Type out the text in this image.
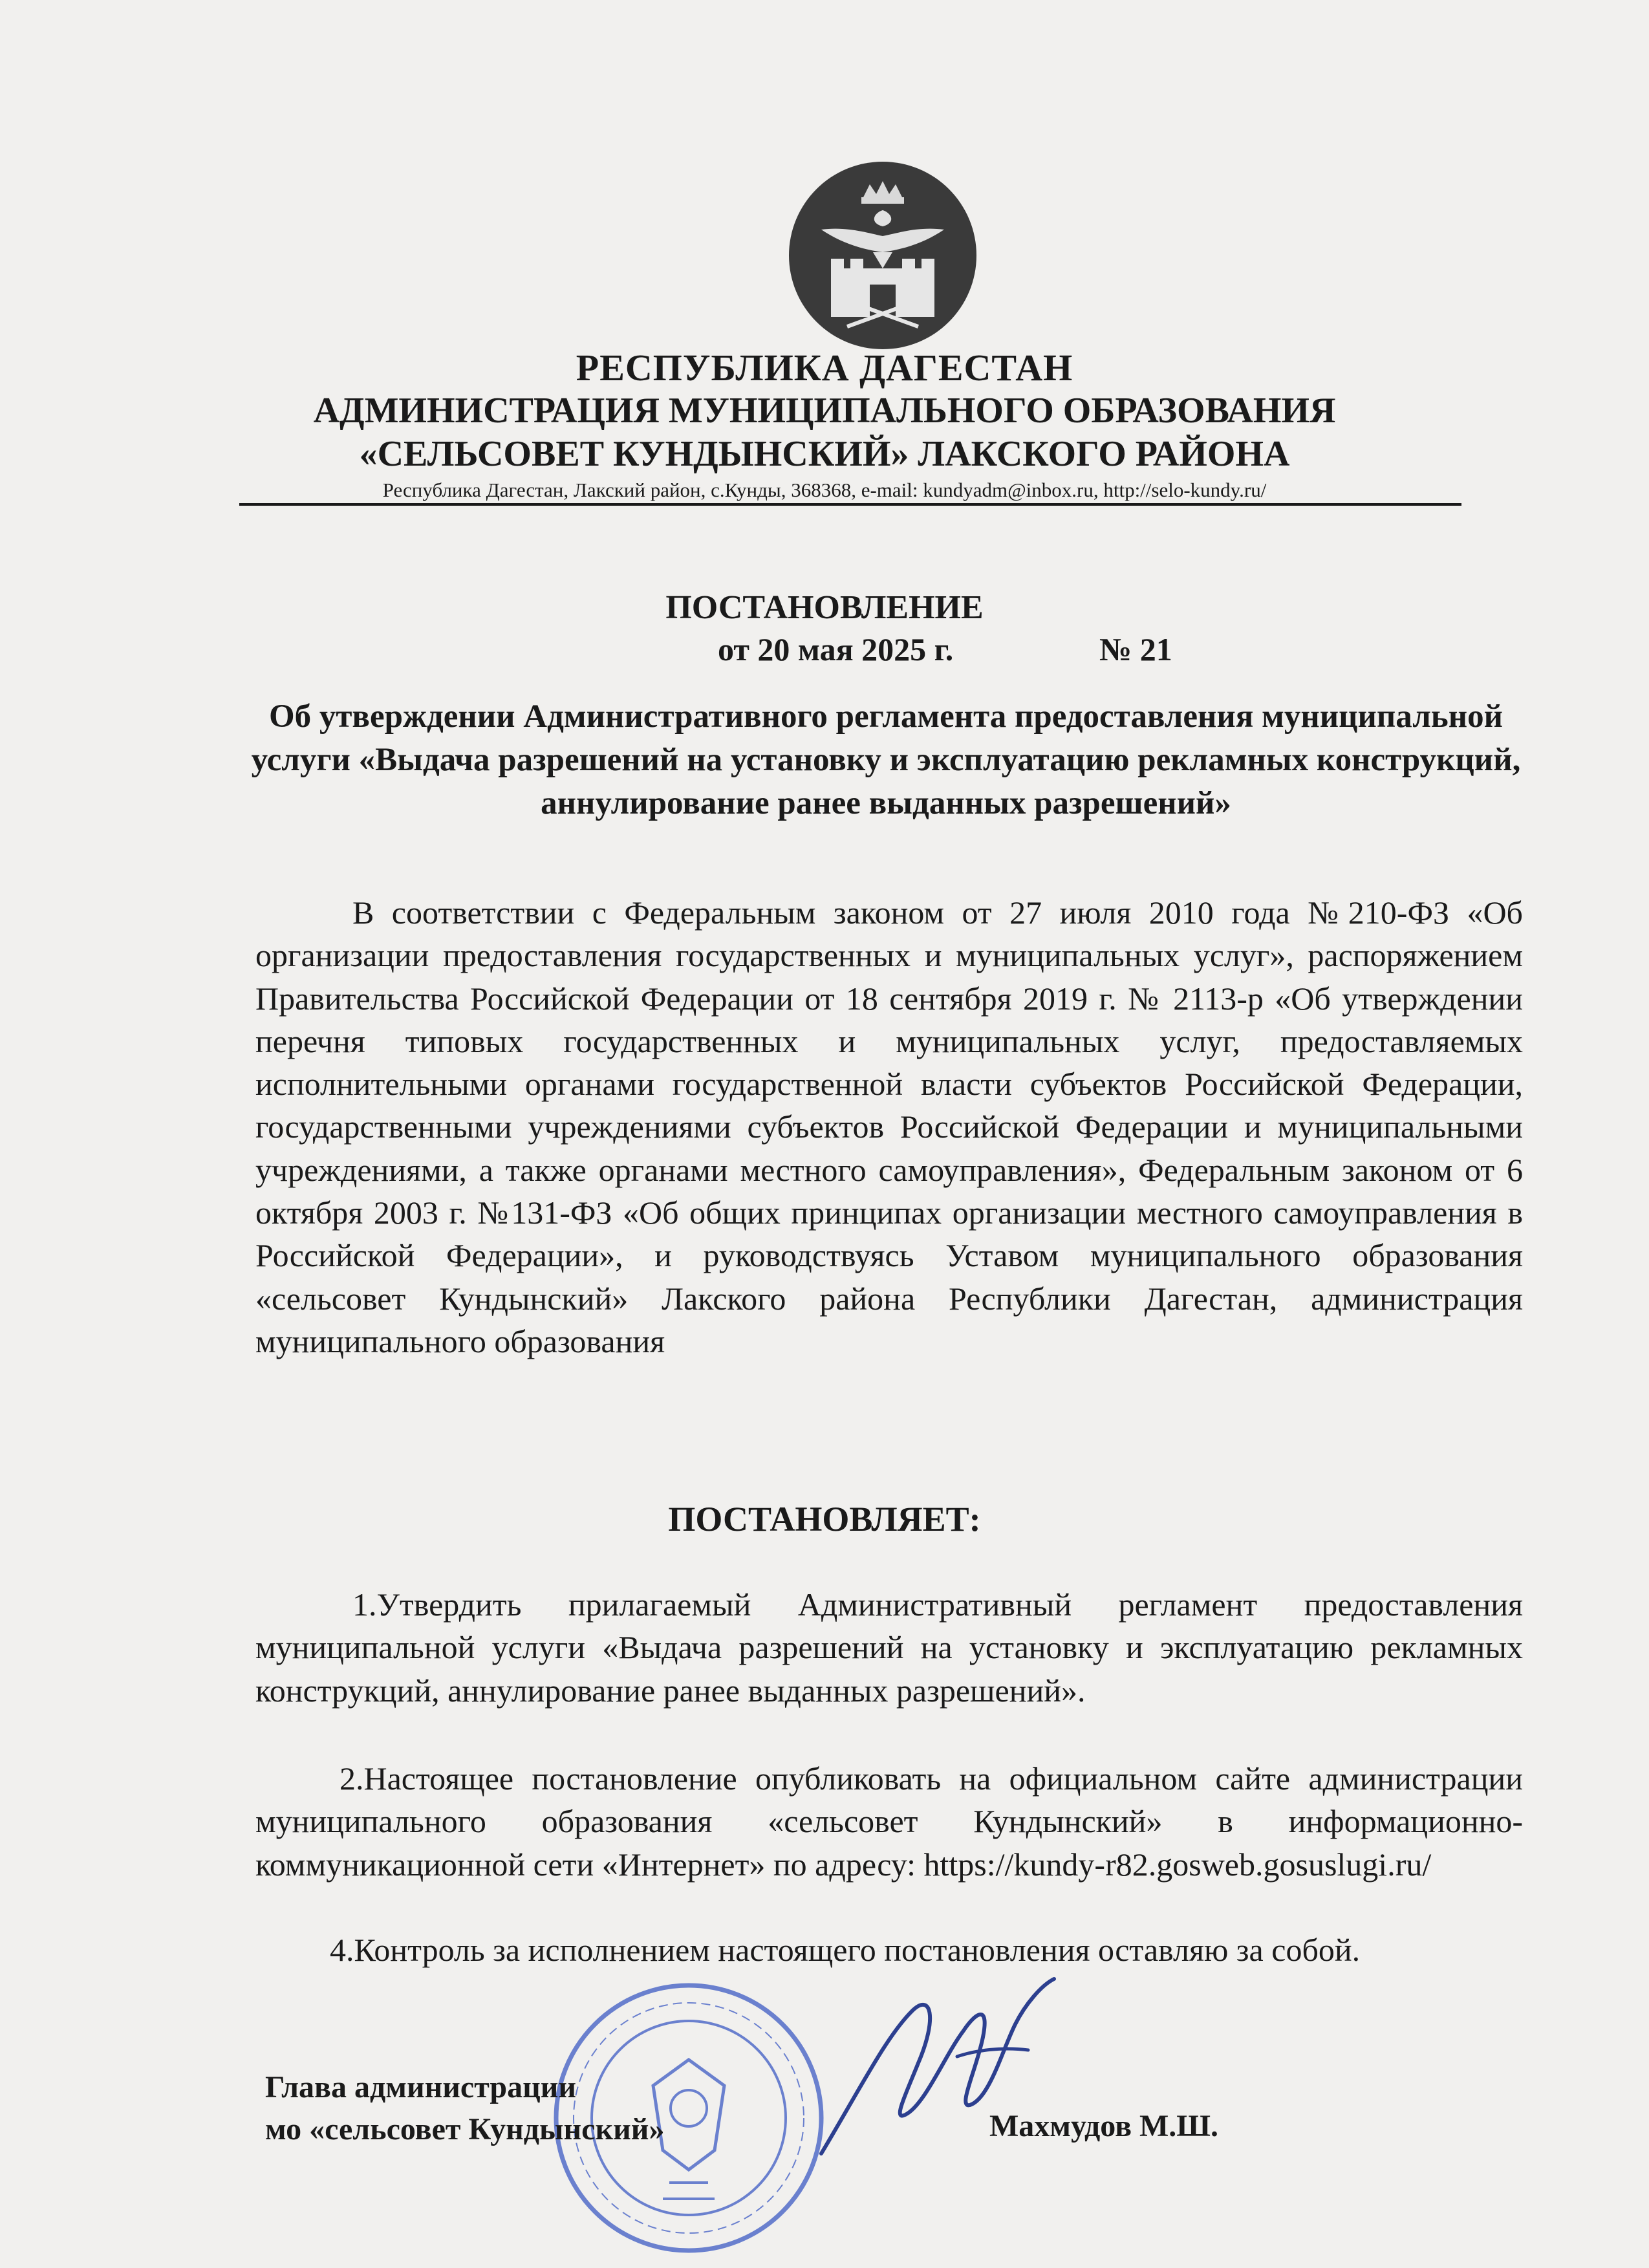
РЕСПУБЛИКА ДАГЕСТАН
АДМИНИСТРАЦИЯ МУНИЦИПАЛЬНОГО ОБРАЗОВАНИЯ
«СЕЛЬСОВЕТ КУНДЫНСКИЙ» ЛАКСКОГО РАЙОНА
Республика Дагестан, Лакский район, с.Кунды, 368368, e-mail: kundyadm@inbox.ru, http://selo-kundy.ru/
ПОСТАНОВЛЕНИЕ
от 20 мая 2025 г.	№ 21
Об утверждении Административного регламента предоставления муниципальной услуги «Выдача разрешений на установку и эксплуатацию рекламных конструкций, аннулирование ранее выданных разрешений»
В соответствии с Федеральным законом от 27 июля 2010 года №210-ФЗ «Об организации предоставления государственных и муниципальных услуг», распоряжением Правительства Российской Федерации от 18 сентября 2019 г. № 2113-р «Об утверждении перечня типовых государственных и муниципальных услуг, предоставляемых исполнительными органами государственной власти субъектов Российской Федерации, государственными учреждениями субъектов Российской Федерации и муниципальными учреждениями, а также органами местного самоуправления», Федеральным законом от 6 октября 2003 г. №131-ФЗ «Об общих принципах организации местного самоуправления в Российской Федерации», и руководствуясь Уставом муниципального образования «сельсовет Кундынский» Лакского района Республики Дагестан, администрация муниципального образования
ПОСТАНОВЛЯЕТ:
1.Утвердить прилагаемый Административный регламент предоставления муниципальной услуги «Выдача разрешений на установку и эксплуатацию рекламных конструкций, аннулирование ранее выданных разрешений».
2.Настоящее постановление опубликовать на официальном сайте администрации муниципального образования «сельсовет Кундынский» в информационно-коммуникационной сети «Интернет» по адресу: https://kundy-r82.gosweb.gosuslugi.ru/
4.Контроль за исполнением настоящего постановления оставляю за собой.
Глава администрации
мо «сельсовет Кундынский»	Махмудов М.Ш.
